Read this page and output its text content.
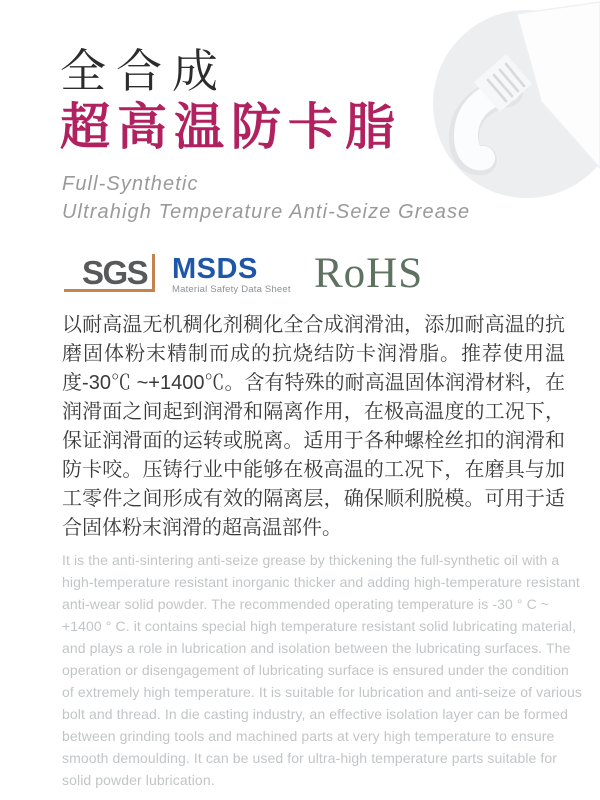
全合成
超高温防卡脂

Full-Synthetic
Ultrahigh Temperature Anti-Seize Grease

SGS MSDS
Material Safety Data Sheet RoHS

以耐高温无机稠化剂稠化全合成润滑油，添加耐高温的抗磨固体粉末精制而成的抗烧结防卡润滑脂。推荐使用温度-30℃ ~+1400℃。含有特殊的耐高温固体润滑材料，在润滑面之间起到润滑和隔离作用，在极高温度的工况下，保证润滑面的运转或脱离。适用于各种螺栓丝扣的润滑和防卡咬。压铸行业中能够在极高温的工况下，在磨具与加工零件之间形成有效的隔离层，确保顺利脱模。可用于适合固体粉末润滑的超高温部件。

It is the anti-sintering anti-seize grease by thickening the full-synthetic oil with a high-temperature resistant inorganic thicker and adding high-temperature resistant anti-wear solid powder. The recommended operating temperature is -30 ° C ~ +1400 ° C. it contains special high temperature resistant solid lubricating material, and plays a role in lubrication and isolation between the lubricating surfaces. The operation or disengagement of lubricating surface is ensured under the condition of extremely high temperature. It is suitable for lubrication and anti-seize of various bolt and thread. In die casting industry, an effective isolation layer can be formed between grinding tools and machined parts at very high temperature to ensure smooth demoulding. It can be used for ultra-high temperature parts suitable for solid powder lubrication.
